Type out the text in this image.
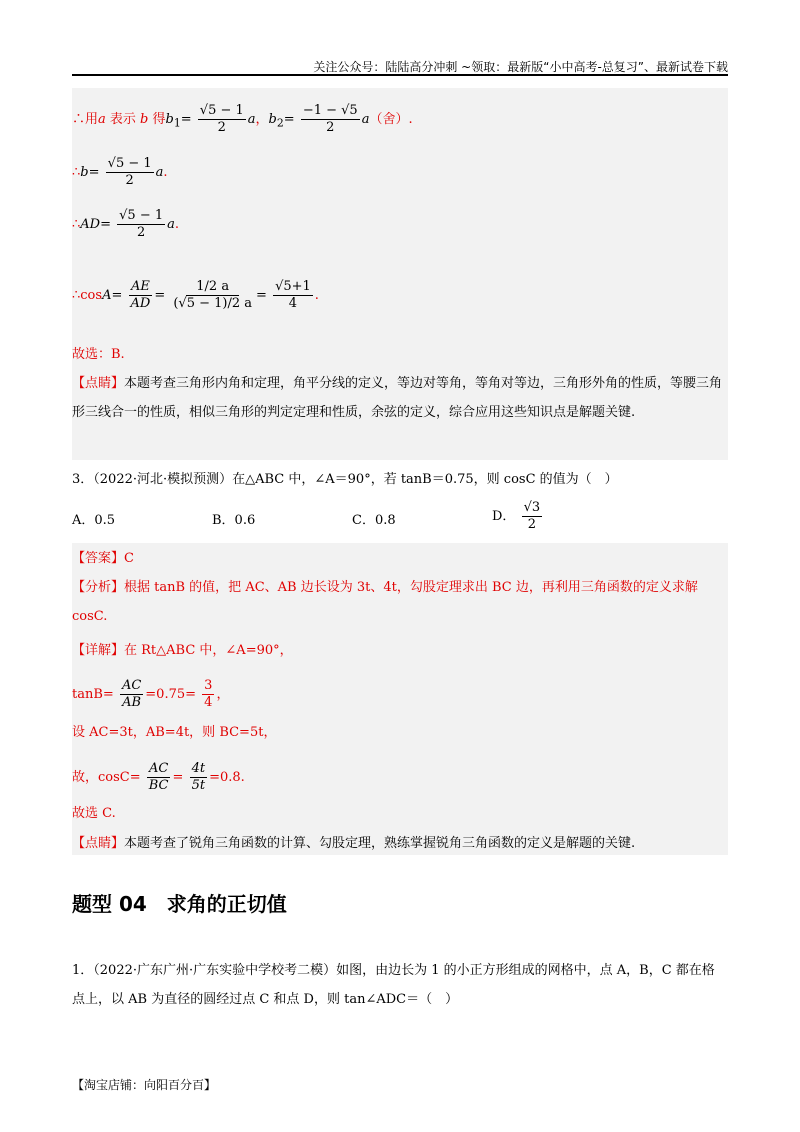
关注公众号：陆陆高分冲刺 ~领取：最新版“小中高考-总复习”、最新试卷下载
∴用a 表示 b 得$b_1= \frac{√5 - 1}{2}$ a，$b_2= \frac{-1 - √5}{2} a$（舍）.
∴b= $\frac{√5 - 1}{2} a$.
∴AD= $\frac{√5 - 1}{2} a$.
∴cosA= $\frac{AE}{AD} = \frac{1/2 a}{(√5 - 1)/2 a} = \frac{√5+1}{4}$ .
故选：B.
【点睛】本题考查三角形内角和定理，角平分线的定义，等边对等角，等角对等边，三角形外角的性质，等腰三角形三线合一的性质，相似三角形的判定定理和性质，余弦的定义，综合应用这些知识点是解题关键.
3．（2022·河北·模拟预测）在△ABC 中，∠A＝90°，若 tanB＝0.75，则 cosC 的值为（　）
A．0.5	B．0.6	C．0.8	D． $\frac{√3}{2}$
【答案】C
【分析】根据 tanB 的值，把 AC、AB 边长设为 3t、4t，勾股定理求出 BC 边，再利用三角函数的定义求解 cosC.
【详解】在 Rt△ABC 中，∠A=90°，
$\tan B= \frac{AC}{AB} =0.75= \frac{3}{4}$ ，
设 AC=3t，AB=4t，则 BC=5t，
故，$\cos C= \frac{AC}{BC} = \frac{4t}{5t} =0.8$.
故选 C.
【点睛】本题考查了锐角三角函数的计算、勾股定理，熟练掌握锐角三角函数的定义是解题的关键.
题型 04　求角的正切值
1．（2022·广东广州·广东实验中学校考二模）如图，由边长为 1 的小正方形组成的网格中，点 A，B，C 都在格点上，以 AB 为直径的圆经过点 C 和点 D，则 tan∠ADC＝（　）
【淘宝店铺：向阳百分百】
